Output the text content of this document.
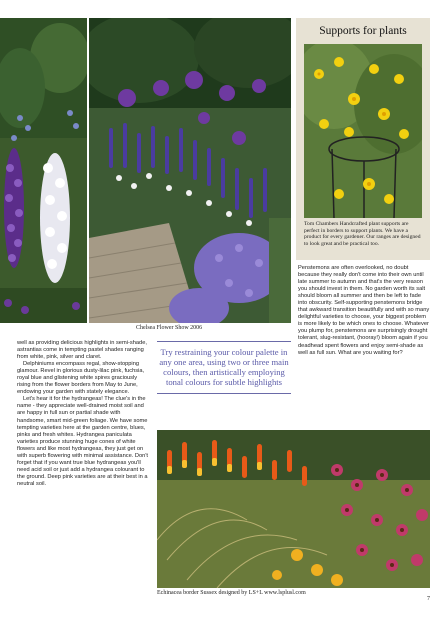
Chelsea Flower Show 2006
Supports for plants
Tom Chambers Handcrafted plant supports are perfect in borders to support plants. We have a product for every gardener. Our ranges are designed to look great and be practical too.

well as providing delicious highlights in semi-shade, astrantias come in tempting pastel shades ranging from white, pink, silver and claret.

Delphiniums encompass regal, show-stopping glamour. Revel in glorious dusty-lilac pink, fuchsia, royal blue and glistening white spires graciously rising from the flower borders from May to June, endowing your garden with stately elegance.

Let's hear it for the hydrangeas! The clue's in the name - they appreciate well-drained moist soil and are happy in full sun or partial shade with handsome, smart mid-green foliage. We have some tempting varieties here at the garden centre, blues, pinks and fresh whites. Hydrangea paniculata varieties produce stunning huge cones of white flowers and like most hydrangeas, they just get on with superb flowering with minimal assistance. Don't forget that if you want true blue hydrangeas you'll need acid soil or just add a hydrangea colourant to the ground. Deep pink varieties are at their best in a neutral soil.

Try restraining your colour palette in any one area, using two or three main colours, then artistically employing tonal colours for subtle highlights

Penstemons are often overlooked, no doubt because they really don't come into their own until late summer to autumn and that's the very reason you should invest in them. No garden worth its salt should bloom all summer and then be left to fade into obscurity. Self-supporting penstemons bridge that awkward transition beautifully and with so many delightful varieties to choose, your biggest problem is more likely to be which ones to choose. Whatever you plump for, penstemons are surprisingly drought tolerant, slug-resistant, (hooray!) bloom again if you deadhead spent flowers and enjoy semi-shade as well as full sun. What are you waiting for?

Echinacea border Sussex designed by LS+L www.lsplusl.com
7
